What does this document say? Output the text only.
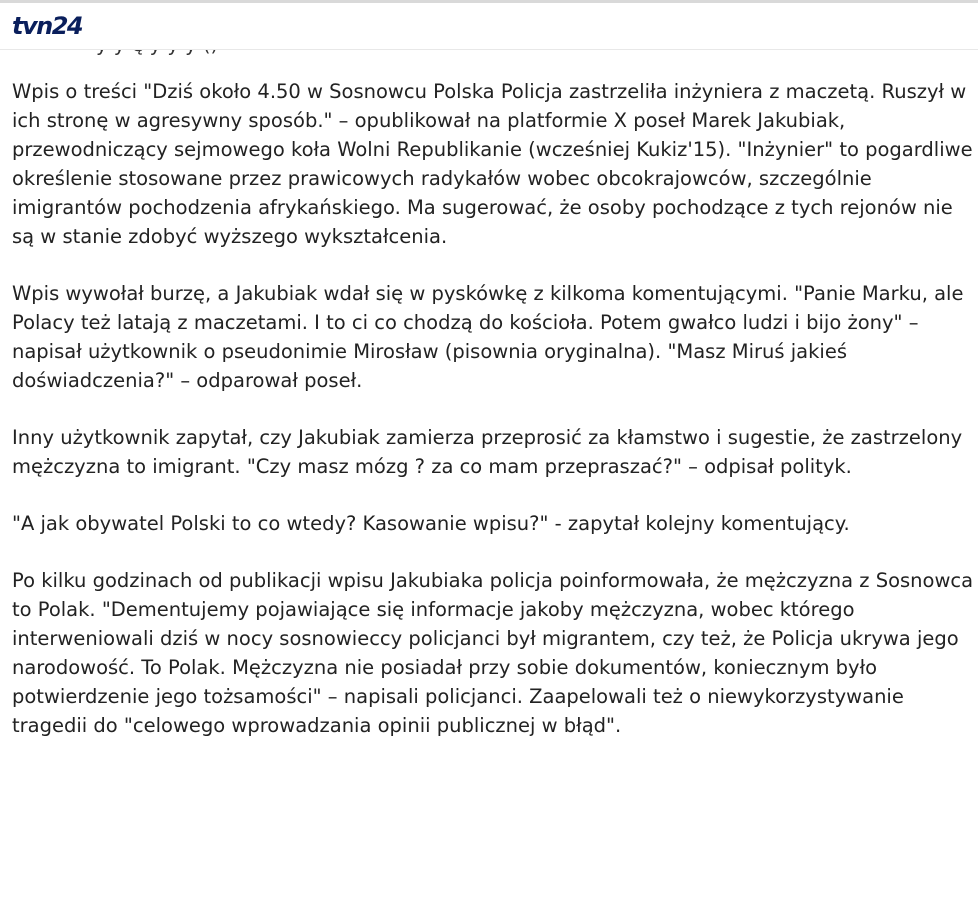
tvn24

Wpis o treści "Dziś około 4.50 w Sosnowcu Polska Policja zastrzeliła inżyniera z maczetą. Ruszył w ich stronę w agresywny sposób." – opublikował na platformie X poseł Marek Jakubiak, przewodniczący sejmowego koła Wolni Republikanie (wcześniej Kukiz'15). "Inżynier" to pogardliwe określenie stosowane przez prawicowych radykałów wobec obcokrajowców, szczególnie imigrantów pochodzenia afrykańskiego. Ma sugerować, że osoby pochodzące z tych rejonów nie są w stanie zdobyć wyższego wykształcenia.

Wpis wywołał burzę, a Jakubiak wdał się w pyskówkę z kilkoma komentującymi. "Panie Marku, ale Polacy też latają z maczetami. I to ci co chodzą do kościoła. Potem gwałco ludzi i bijo żony" – napisał użytkownik o pseudonimie Mirosław (pisownia oryginalna). "Masz Miruś jakieś doświadczenia?" – odparował poseł.

Inny użytkownik zapytał, czy Jakubiak zamierza przeprosić za kłamstwo i sugestie, że zastrzelony mężczyzna to imigrant. "Czy masz mózg ? za co mam przepraszać?" – odpisał polityk.

"A jak obywatel Polski to co wtedy? Kasowanie wpisu?" - zapytał kolejny komentujący.

Po kilku godzinach od publikacji wpisu Jakubiaka policja poinformowała, że mężczyzna z Sosnowca to Polak. "Dementujemy pojawiające się informacje jakoby mężczyzna, wobec którego interweniowali dziś w nocy sosnowieccy policjanci był migrantem, czy też, że Policja ukrywa jego narodowość. To Polak. Mężczyzna nie posiadał przy sobie dokumentów, koniecznym było potwierdzenie jego tożsamości" – napisali policjanci. Zaapelowali też o niewykorzystywanie tragedii do "celowego wprowadzania opinii publicznej w błąd".
